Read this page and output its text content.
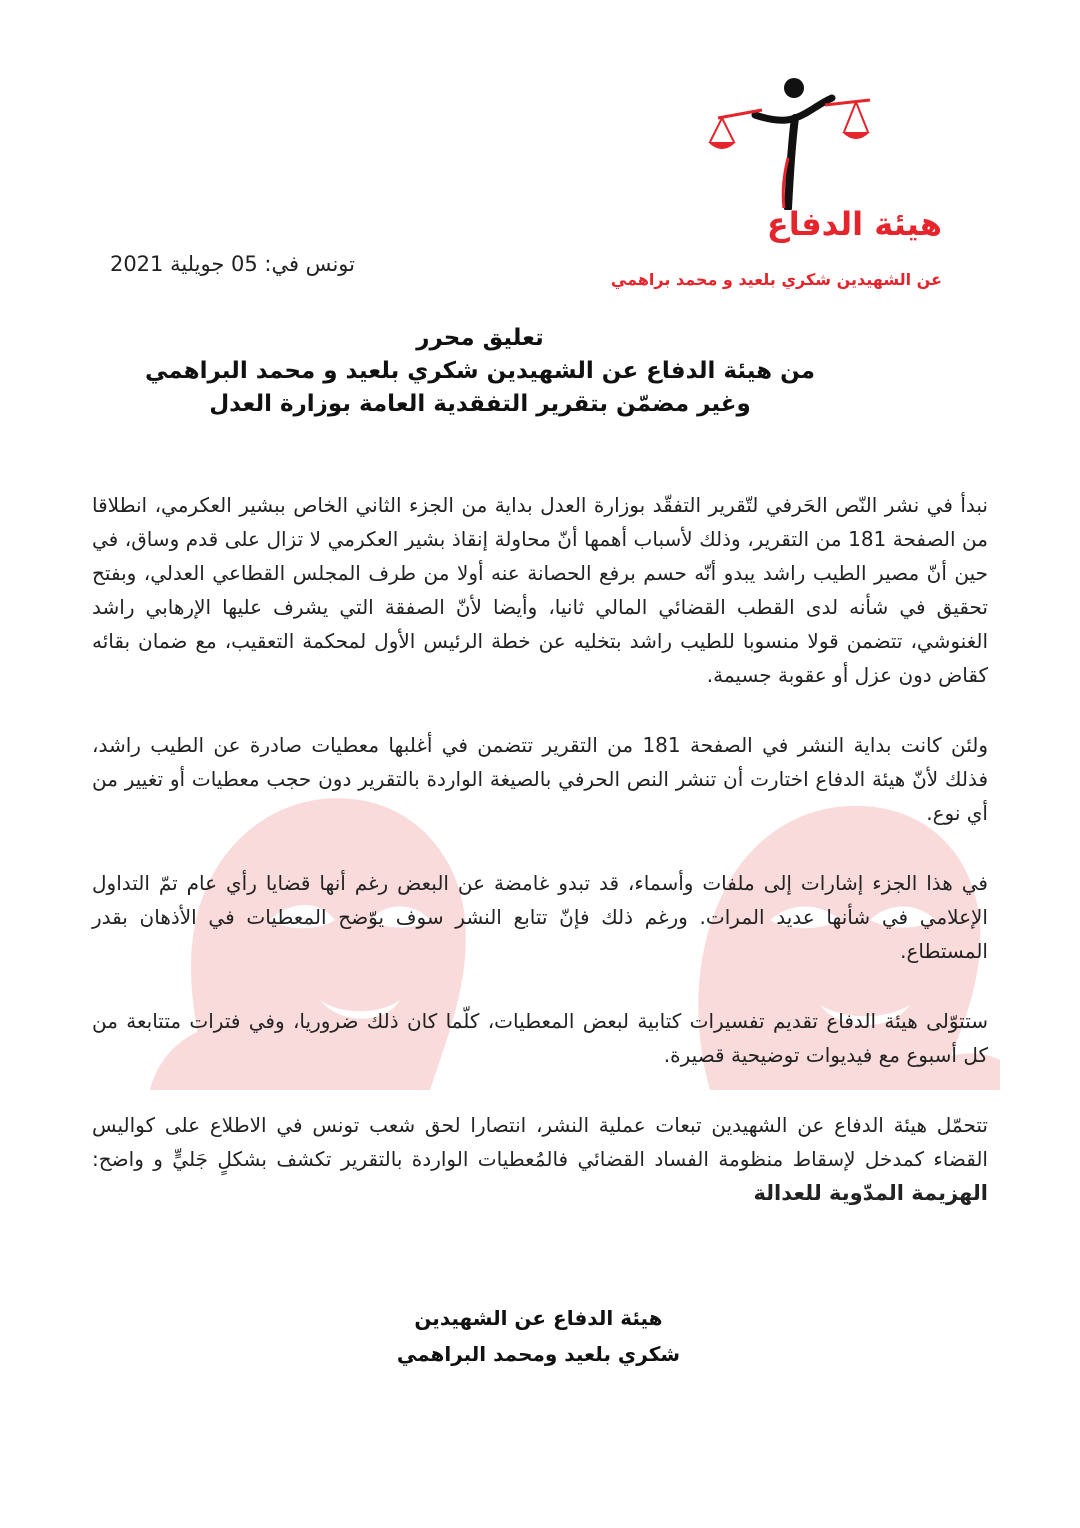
هيئة الدفاع

عن الشهيدين شكري بلعيد و محمد براهمي

تونس في: 05 جويلية 2021

تعليق محرر

من هيئة الدفاع عن الشهيدين شكري بلعيد و محمد البراهمي

وغير مضمّن بتقرير التفقدية العامة بوزارة العدل

نبدأ في نشر النّص الحَرفي لتّقرير التفقّد بوزارة العدل بداية من الجزء الثاني الخاص ببشير العكرمي، انطلاقا من الصفحة 181 من التقرير، وذلك لأسباب أهمها أنّ محاولة إنقاذ بشير العكرمي لا تزال على قدم وساق، في حين أنّ مصير الطيب راشد يبدو أنّه حسم برفع الحصانة عنه أولا من طرف المجلس القطاعي العدلي، وبفتح تحقيق في شأنه لدى القطب القضائي المالي ثانيا، وأيضا لأنّ الصفقة التي يشرف عليها الإرهابي راشد الغنوشي، تتضمن قولا منسوبا للطيب راشد بتخليه عن خطة الرئيس الأول لمحكمة التعقيب، مع ضمان بقائه كقاض دون عزل أو عقوبة جسيمة.

ولئن كانت بداية النشر في الصفحة 181 من التقرير تتضمن في أغلبها معطيات صادرة عن الطيب راشد، فذلك لأنّ هيئة الدفاع اختارت أن تنشر النص الحرفي بالصيغة الواردة بالتقرير دون حجب معطيات أو تغيير من أي نوع.

في هذا الجزء إشارات إلى ملفات وأسماء، قد تبدو غامضة عن البعض رغم أنها قضايا رأي عام تمّ التداول الإعلامي في شأنها عديد المرات. ورغم ذلك فإنّ تتابع النشر سوف يوّضح المعطيات في الأذهان بقدر المستطاع.

ستتوّلى هيئة الدفاع تقديم تفسيرات كتابية لبعض المعطيات، كلّما كان ذلك ضروريا، وفي فترات متتابعة من كل أسبوع مع فيديوات توضيحية قصيرة.

تتحمّل هيئة الدفاع عن الشهيدين تبعات عملية النشر، انتصارا لحق شعب تونس في الاطلاع على كواليس القضاء كمدخل لإسقاط منظومة الفساد القضائي فالمُعطيات الواردة بالتقرير تكشف بشكلٍ جَليٍّ و واضح: الهزيمة المدّوية للعدالة

هيئة الدفاع عن الشهيدين

شكري بلعيد ومحمد البراهمي
